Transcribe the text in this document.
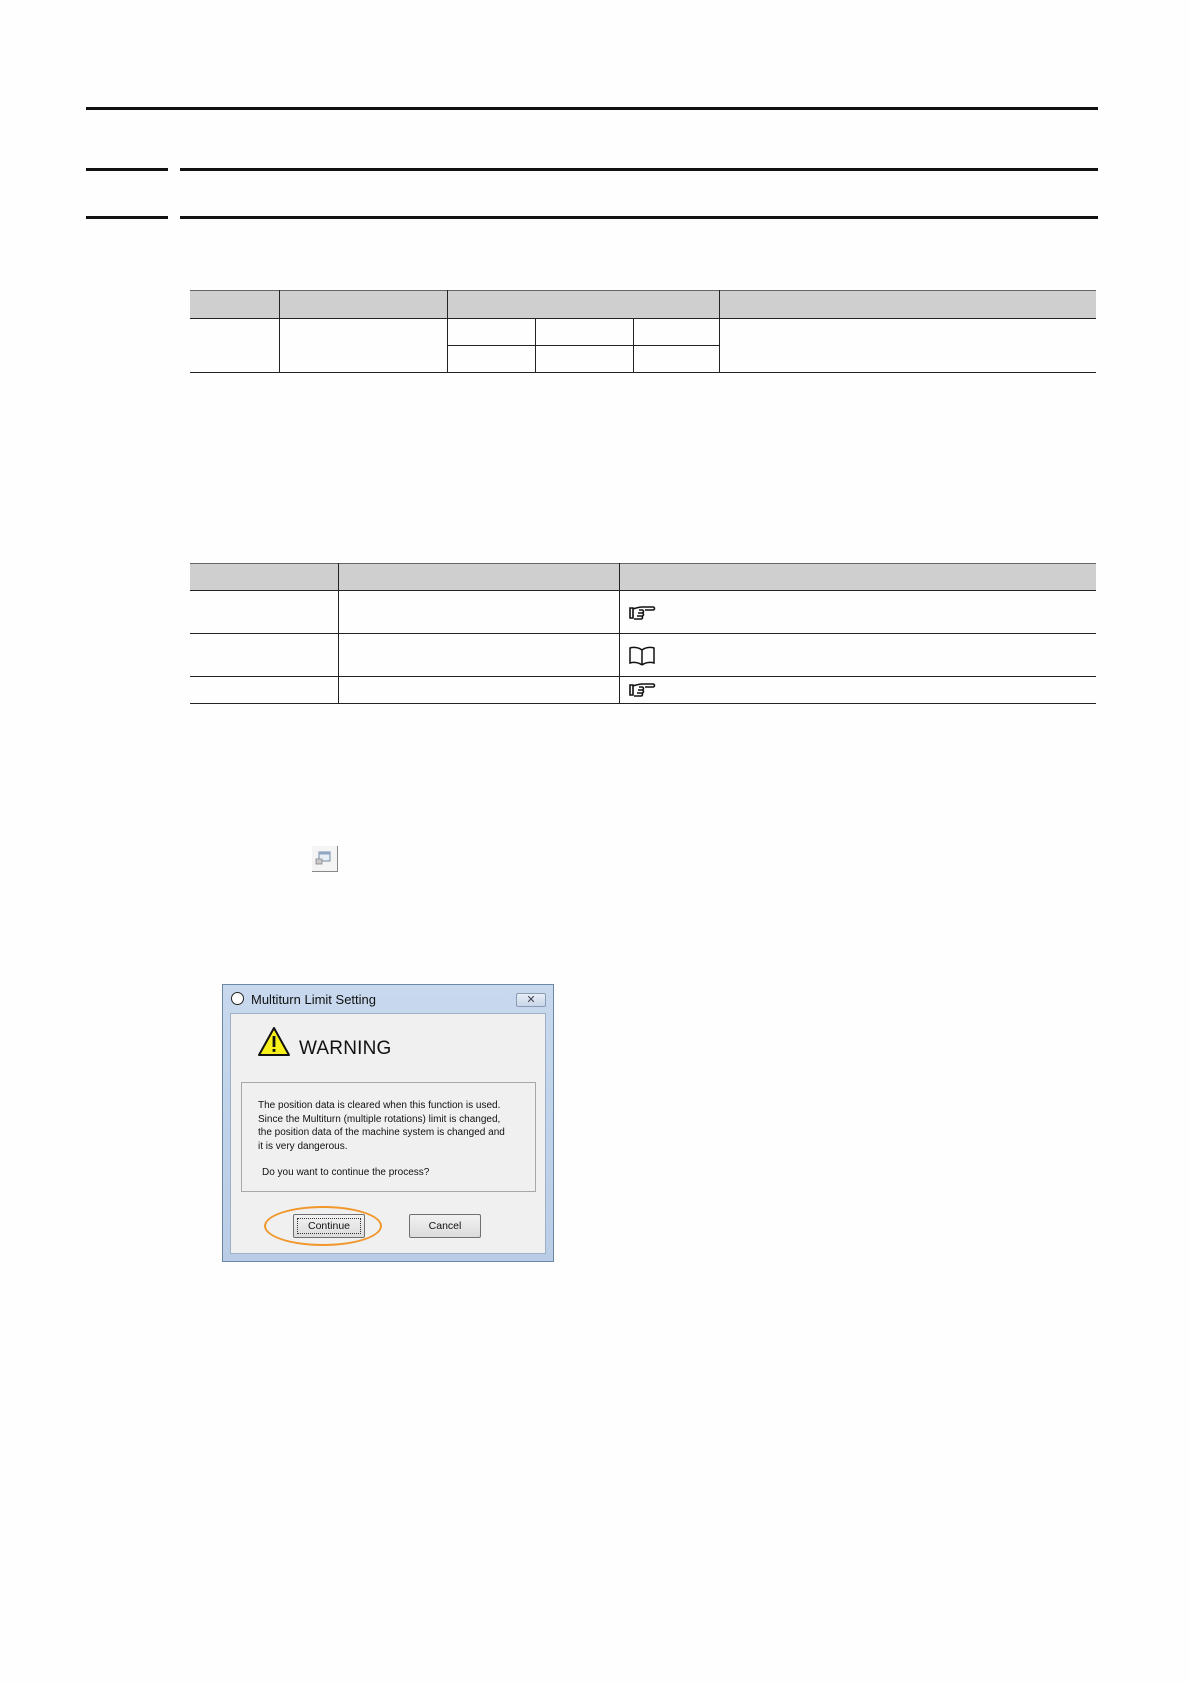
Multiturn Limit Setting	✕
WARNING

The position data is cleared when this function is used.

Since the Multiturn (multiple rotations) limit is changed,

the position data of the machine system is changed and

it is very dangerous.

Do you want to continue the process?
Continue	Cancel
